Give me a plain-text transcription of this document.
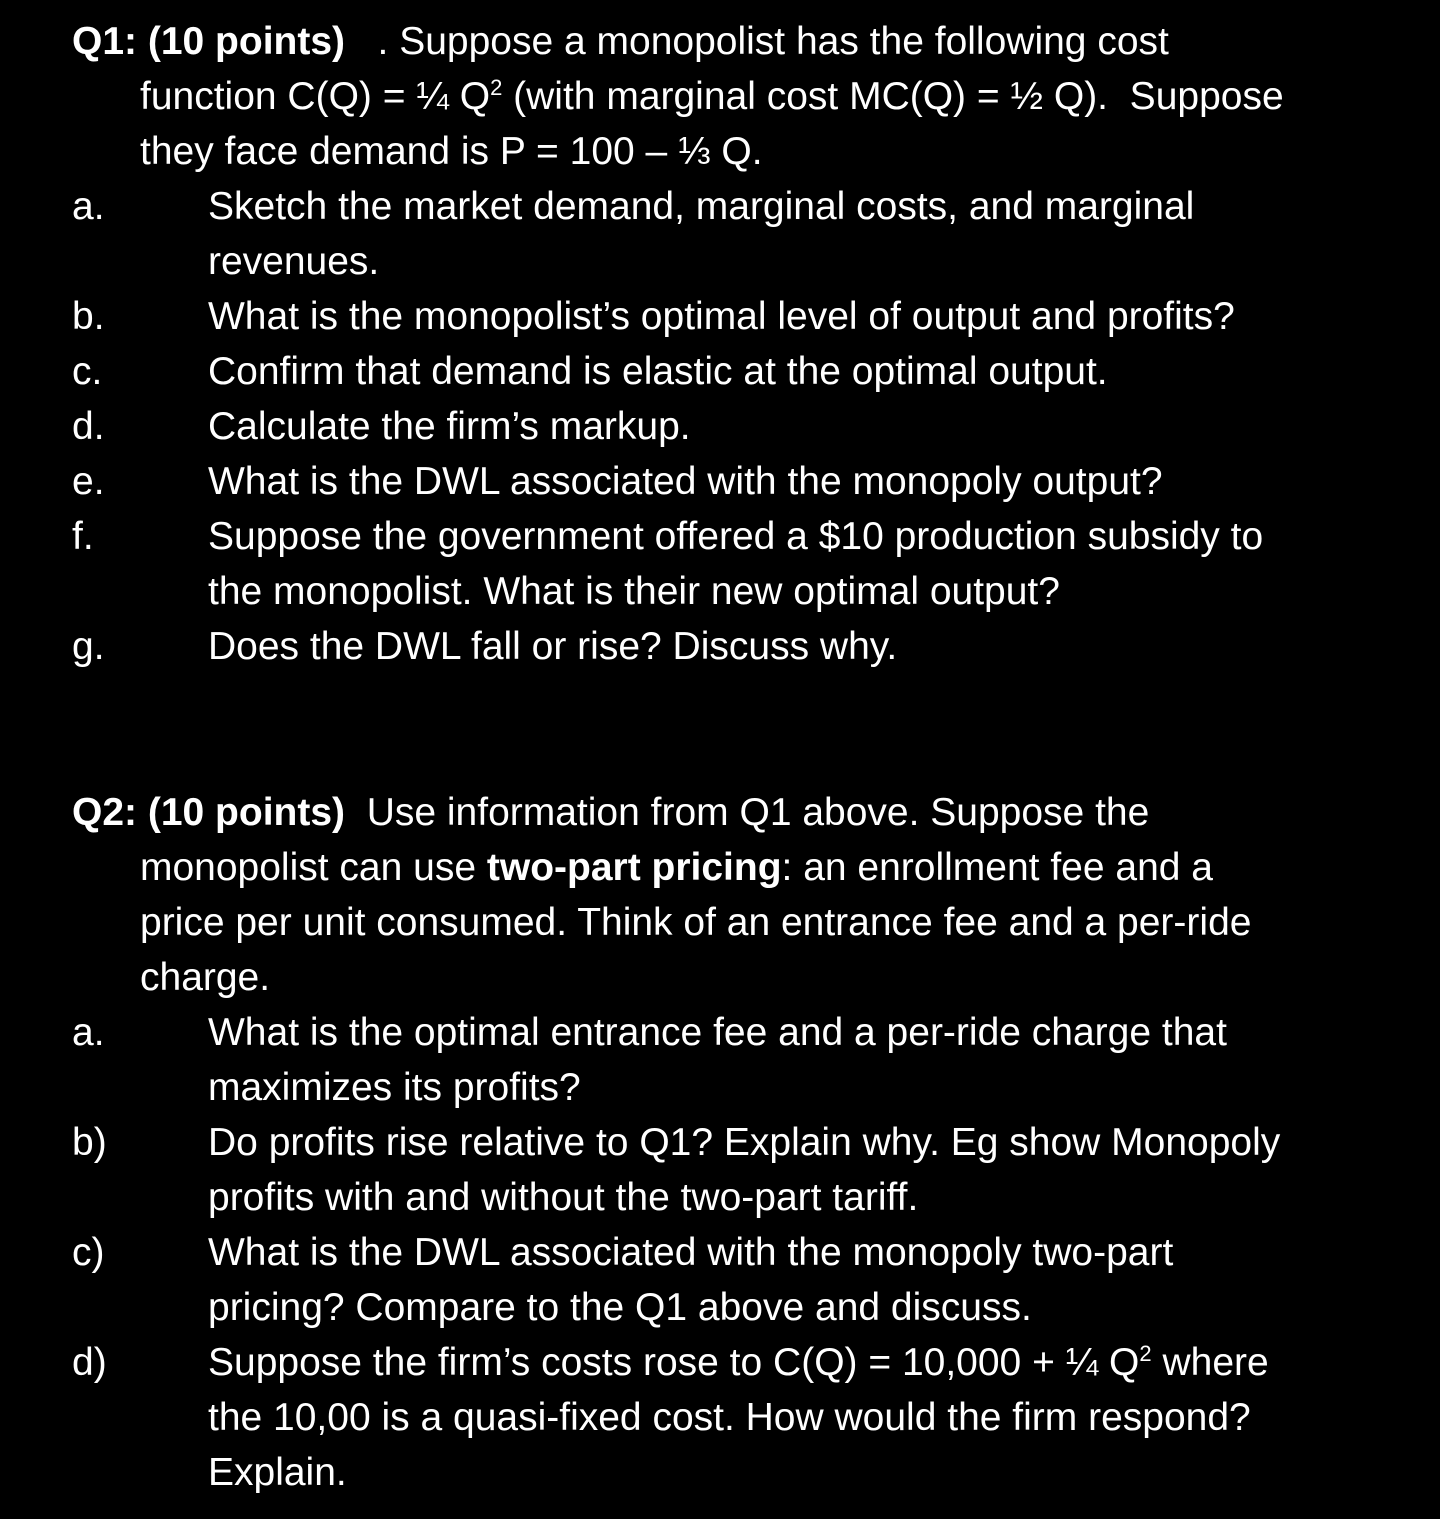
Q1: (10 points)   . Suppose a monopolist has the following cost
function C(Q) = ¼ $Q^2$ (with marginal cost MC(Q) = ½ Q).  Suppose
they face demand is P = 100 – ⅓ Q.
a.	Sketch the market demand, marginal costs, and marginal
revenues.
b.	What is the monopolist’s optimal level of output and profits?
c.	Confirm that demand is elastic at the optimal output.
d.	Calculate the firm’s markup.
e.	What is the DWL associated with the monopoly output?
f.	Suppose the government offered a $10 production subsidy to
the monopolist. What is their new optimal output?
g.	Does the DWL fall or rise? Discuss why.
Q2: (10 points)  Use information from Q1 above. Suppose the
monopolist can use two-part pricing: an enrollment fee and a
price per unit consumed. Think of an entrance fee and a per-ride
charge.
a.	What is the optimal entrance fee and a per-ride charge that
maximizes its profits?
b)	Do profits rise relative to Q1? Explain why. Eg show Monopoly
profits with and without the two-part tariff.
c)	What is the DWL associated with the monopoly two-part
pricing? Compare to the Q1 above and discuss.
d)	Suppose the firm’s costs rose to C(Q) = 10,000 + ¼ $Q^2$ where
the 10,00 is a quasi-fixed cost. How would the firm respond?
Explain.
